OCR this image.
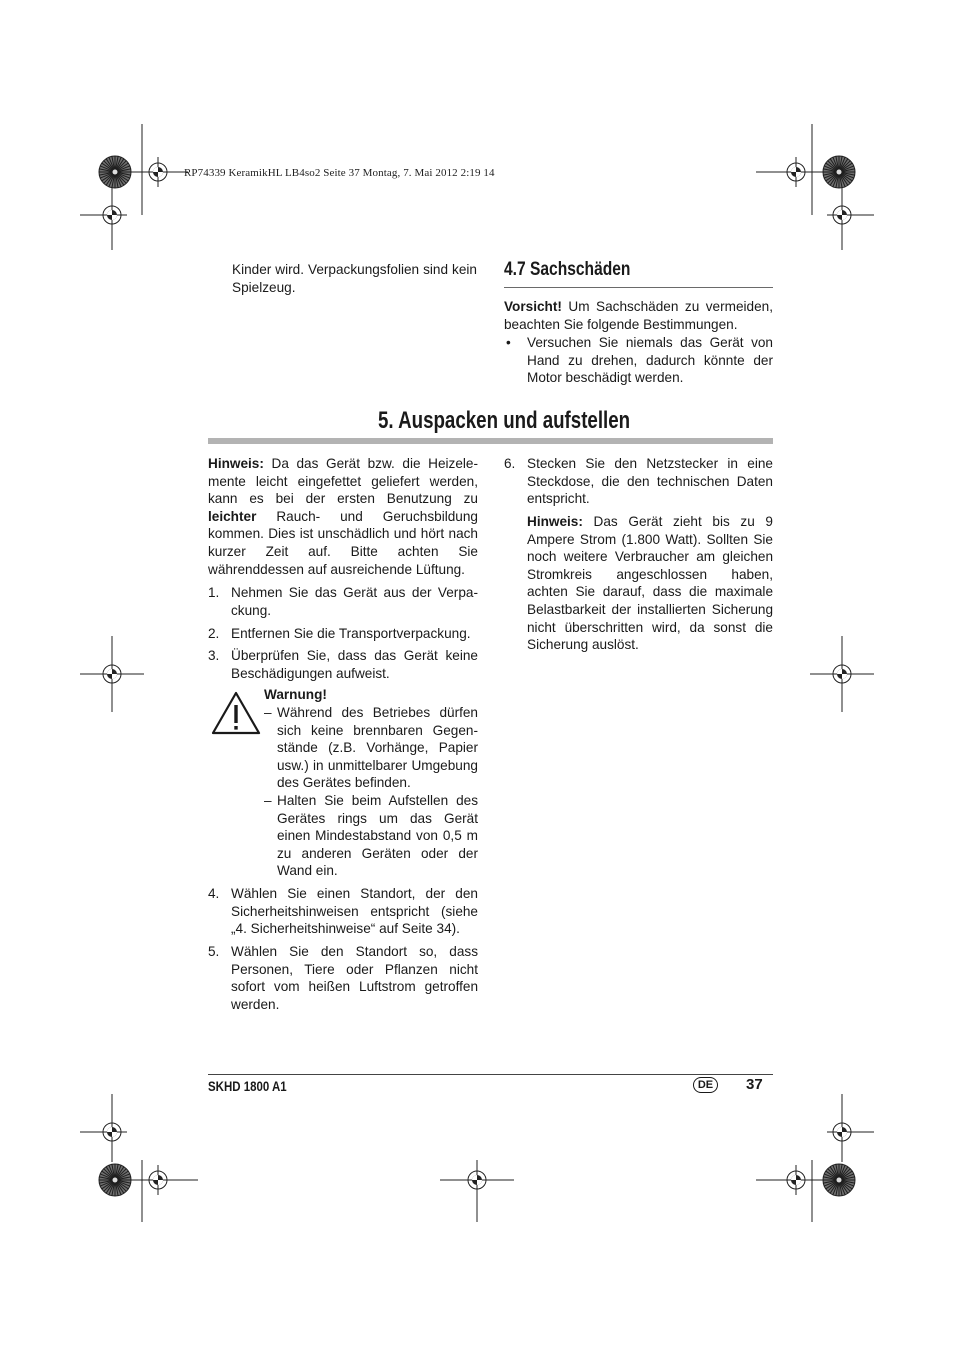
RP74339 KeramikHL LB4so2 Seite 37 Montag, 7. Mai 2012 2:19 14
Kinder wird. Verpackungsfolien sind kein Spielzeug.
4.7 Sachschäden
Vorsicht! Um Sachschäden zu vermeiden, beachten Sie folgende Bestimmungen.
• Versuchen Sie niemals das Gerät von Hand zu drehen, dadurch könnte der Motor beschädigt werden.
5. Auspacken und aufstellen
Hinweis: Da das Gerät bzw. die Heizelemente leicht eingefettet geliefert werden, kann es bei der ersten Benutzung zu leichter Rauch- und Geruchsbildung kommen. Dies ist unschädlich und hört nach kurzer Zeit auf. Bitte achten Sie währenddessen auf ausreichende Lüftung.
1. Nehmen Sie das Gerät aus der Verpackung.
2. Entfernen Sie die Transportverpackung.
3. Überprüfen Sie, dass das Gerät keine Beschädigungen aufweist.
Warnung!
– Während des Betriebes dürfen sich keine brennbaren Gegenstände (z.B. Vorhänge, Papier usw.) in unmittelbarer Umgebung des Gerätes befinden.
– Halten Sie beim Aufstellen des Gerätes rings um das Gerät einen Mindestabstand von 0,5 m zu anderen Geräten oder der Wand ein.
4. Wählen Sie einen Standort, der den Sicherheitshinweisen entspricht (siehe „4. Sicherheitshinweise“ auf Seite 34).
5. Wählen Sie den Standort so, dass Personen, Tiere oder Pflanzen nicht sofort vom heißen Luftstrom getroffen werden.
6. Stecken Sie den Netzstecker in eine Steckdose, die den technischen Daten entspricht.
Hinweis: Das Gerät zieht bis zu 9 Ampere Strom (1.800 Watt). Sollten Sie noch weitere Verbraucher am gleichen Stromkreis angeschlossen haben, achten Sie darauf, dass die maximale Belastbarkeit der installierten Sicherung nicht überschritten wird, da sonst die Sicherung auslöst.
SKHD 1800 A1	DE 37
